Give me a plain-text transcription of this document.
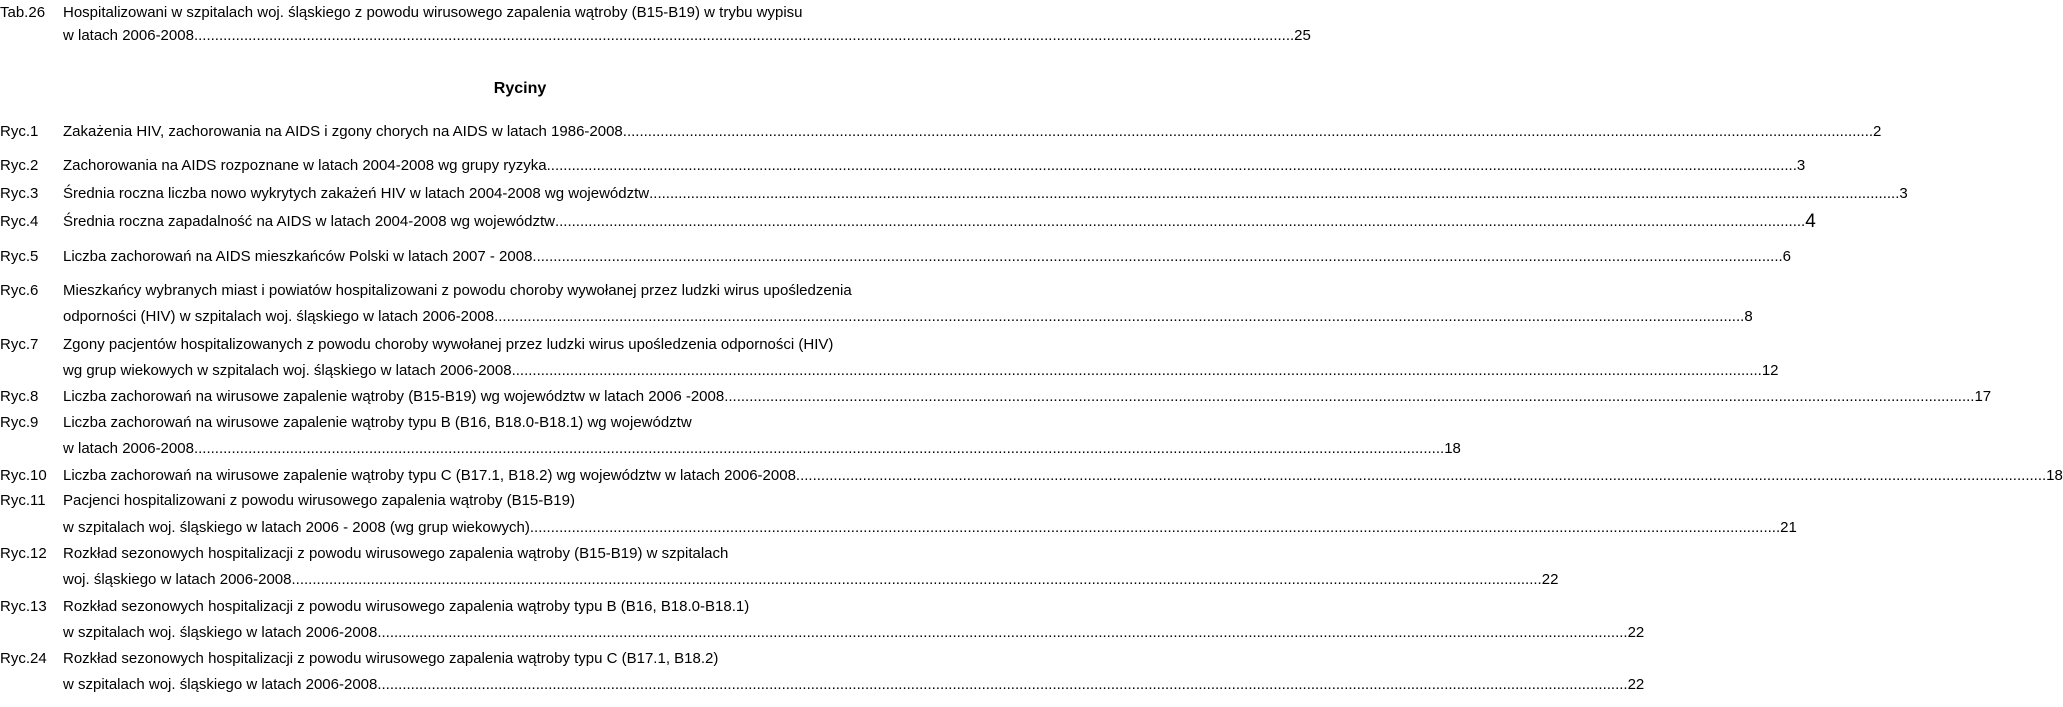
Tab.26 Hospitalizowani w szpitalach woj. śląskiego z powodu wirusowego zapalenia wątroby (B15-B19) w trybu wypisu
w latach 2006-2008 ........................................................................................................................................................................................................................................................................ 25
Ryciny
Ryc.1 Zakażenia HIV, zachorowania na AIDS i zgony chorych na AIDS w latach 1986-2008 ............................................................................................................................................................................................................................................................................................................ 2
Ryc.2 Zachorowania na AIDS rozpoznane w latach 2004-2008 wg grupy ryzyka ............................................................................................................................................................................................................................................................................................................ 3
Ryc.3 Średnia roczna liczba nowo wykrytych zakażeń HIV w latach 2004-2008 wg województw ............................................................................................................................................................................................................................................................................................................ 3
Ryc.4 Średnia roczna zapadalność na AIDS w latach 2004-2008 wg województw ............................................................................................................................................................................................................................................................................................................ 4
Ryc.5 Liczba zachorowań na AIDS mieszkańców Polski w latach 2007 - 2008 ............................................................................................................................................................................................................................................................................................................ 6
Ryc.6 Mieszkańcy wybranych miast i powiatów hospitalizowani z powodu choroby wywołanej przez ludzki wirus upośledzenia
odporności (HIV) w szpitalach woj. śląskiego w latach 2006-2008 ............................................................................................................................................................................................................................................................................................................ 8
Ryc.7 Zgony pacjentów hospitalizowanych z powodu choroby wywołanej przez ludzki wirus upośledzenia odporności (HIV)
wg grup wiekowych w szpitalach woj. śląskiego w latach 2006-2008 ............................................................................................................................................................................................................................................................................................................ 12
Ryc.8 Liczba zachorowań na wirusowe zapalenie wątroby (B15-B19) wg województw w latach 2006 -2008 ............................................................................................................................................................................................................................................................................................................ 17
Ryc.9 Liczba zachorowań na wirusowe zapalenie wątroby typu B (B16, B18.0-B18.1) wg województw
w latach 2006-2008 ............................................................................................................................................................................................................................................................................................................ 18
Ryc.10 Liczba zachorowań na wirusowe zapalenie wątroby typu C (B17.1, B18.2) wg województw w latach 2006-2008 ............................................................................................................................................................................................................................................................................................................ 18
Ryc.11 Pacjenci hospitalizowani z powodu wirusowego zapalenia wątroby (B15-B19)
w szpitalach woj. śląskiego w latach 2006 - 2008 (wg grup wiekowych) ............................................................................................................................................................................................................................................................................................................ 21
Ryc.12 Rozkład sezonowych hospitalizacji z powodu wirusowego zapalenia wątroby (B15-B19) w szpitalach
woj. śląskiego w latach 2006-2008 ............................................................................................................................................................................................................................................................................................................ 22
Ryc.13 Rozkład sezonowych hospitalizacji z powodu wirusowego zapalenia wątroby typu B (B16, B18.0-B18.1)
w szpitalach woj. śląskiego w latach 2006-2008 ............................................................................................................................................................................................................................................................................................................ 22
Ryc.24 Rozkład sezonowych hospitalizacji z powodu wirusowego zapalenia wątroby typu C (B17.1, B18.2)
w szpitalach woj. śląskiego w latach 2006-2008 ............................................................................................................................................................................................................................................................................................................ 22
